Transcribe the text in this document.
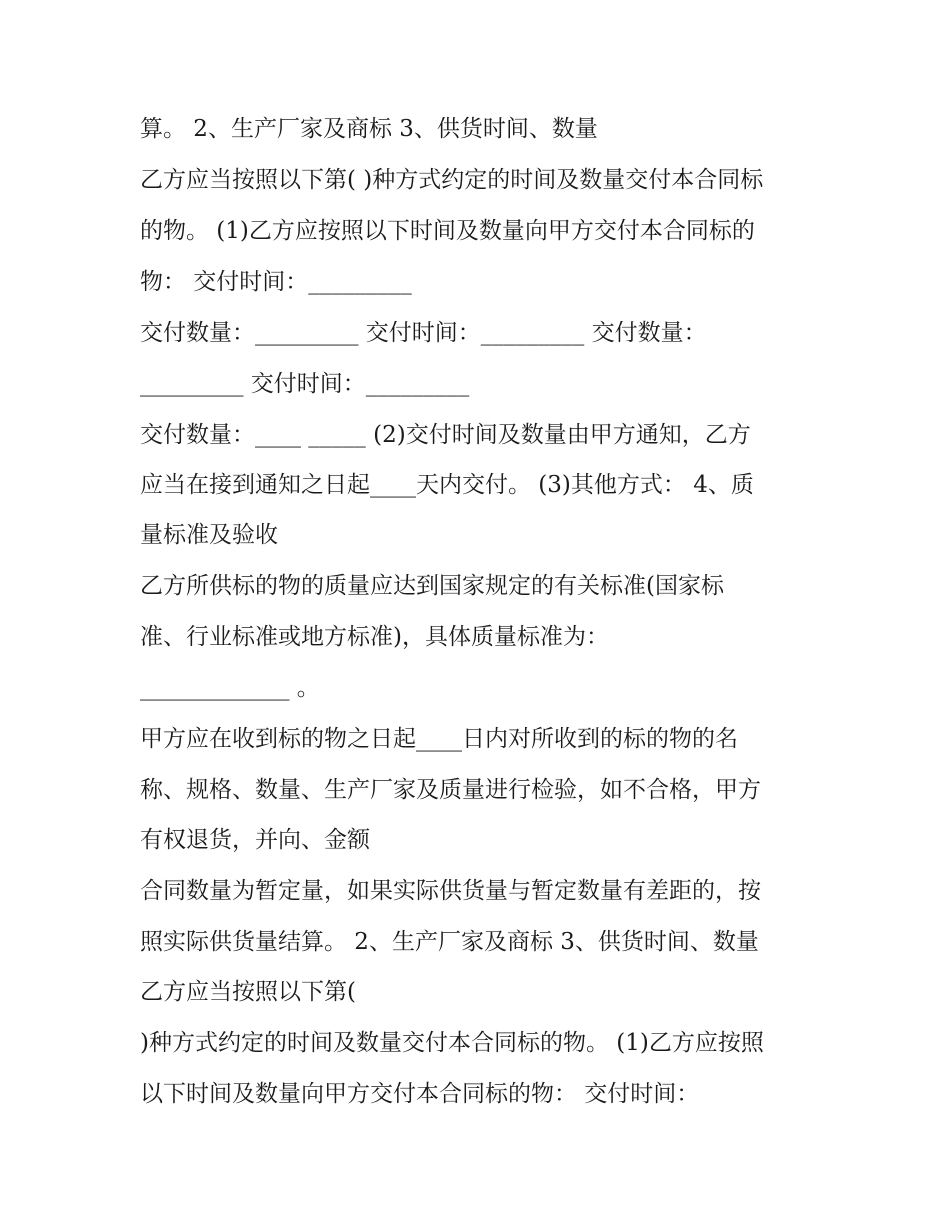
算。 2、生产厂家及商标 3、供货时间、数量
乙方应当按照以下第( )种方式约定的时间及数量交付本合同标
的物。 (1)乙方应按照以下时间及数量向甲方交付本合同标的
物： 交付时间：_________
交付数量：_________ 交付时间：_________ 交付数量：
_________ 交付时间：_________
交付数量：____ _____ (2)交付时间及数量由甲方通知，乙方
应当在接到通知之日起____天内交付。 (3)其他方式： 4、质
量标准及验收
乙方所供标的物的质量应达到国家规定的有关标准(国家标
准、行业标准或地方标准)，具体质量标准为：
_____________ 。
甲方应在收到标的物之日起____日内对所收到的标的物的名
称、规格、数量、生产厂家及质量进行检验，如不合格，甲方
有权退货，并向、金额
合同数量为暂定量，如果实际供货量与暂定数量有差距的，按
照实际供货量结算。 2、生产厂家及商标 3、供货时间、数量
乙方应当按照以下第(
)种方式约定的时间及数量交付本合同标的物。 (1)乙方应按照
以下时间及数量向甲方交付本合同标的物： 交付时间：
